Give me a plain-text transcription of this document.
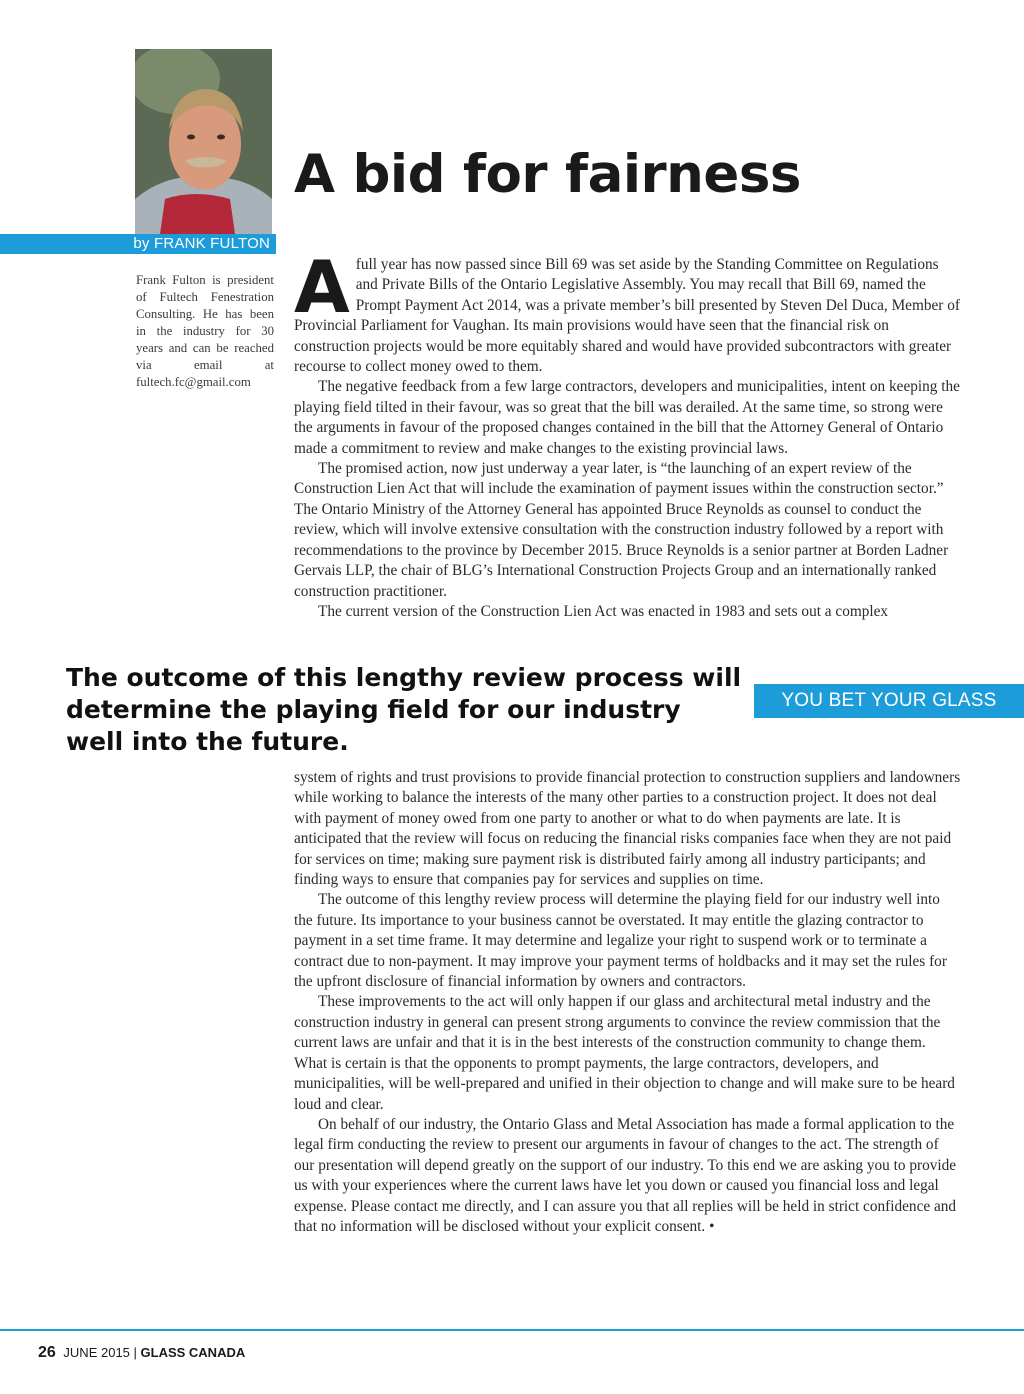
by FRANK FULTON
A bid for fairness

Frank Fulton is president of Fultech Fenestration Consulting. He has been in the industry for 30 years and can be reached via email at fultech.fc@gmail.com

Afull year has now passed since Bill 69 was set aside by the Standing Committee on Regulations and Private Bills of the Ontario Legislative Assembly. You may recall that Bill 69, named the Prompt Payment Act 2014, was a private member’s bill presented by Steven Del Duca, Member of Provincial Parliament for Vaughan. Its main provisions would have seen that the financial risk on construction projects would be more equitably shared and would have provided subcontractors with greater recourse to collect money owed to them.

The negative feedback from a few large contractors, developers and municipalities, intent on keeping the playing field tilted in their favour, was so great that the bill was derailed. At the same time, so strong were the arguments in favour of the proposed changes contained in the bill that the Attorney General of Ontario made a commitment to review and make changes to the existing provincial laws.

The promised action, now just underway a year later, is “the launching of an expert review of the Construction Lien Act that will include the examination of payment issues within the construction sector.” The Ontario Ministry of the Attorney General has appointed Bruce Reynolds as counsel to conduct the review, which will involve extensive consultation with the construction industry followed by a report with recommendations to the province by December 2015. Bruce Reynolds is a senior partner at Borden Ladner Gervais LLP, the chair of BLG’s International Construction Projects Group and an internationally ranked construction practitioner.

The current version of the Construction Lien Act was enacted in 1983 and sets out a complex

The outcome of this lengthy review process will determine the playing field for our industry well into the future.

YOU BET YOUR GLASS

system of rights and trust provisions to provide financial protection to construction suppliers and landowners while working to balance the interests of the many other parties to a construction project. It does not deal with payment of money owed from one party to another or what to do when payments are late. It is anticipated that the review will focus on reducing the financial risks companies face when they are not paid for services on time; making sure payment risk is distributed fairly among all industry participants; and finding ways to ensure that companies pay for services and supplies on time.

The outcome of this lengthy review process will determine the playing field for our industry well into the future. Its importance to your business cannot be overstated. It may entitle the glazing contractor to payment in a set time frame. It may determine and legalize your right to suspend work or to terminate a contract due to non-payment. It may improve your payment terms of holdbacks and it may set the rules for the upfront disclosure of financial information by owners and contractors.

These improvements to the act will only happen if our glass and architectural metal industry and the construction industry in general can present strong arguments to convince the review commission that the current laws are unfair and that it is in the best interests of the construction community to change them. What is certain is that the opponents to prompt payments, the large contractors, developers, and municipalities, will be well-prepared and unified in their objection to change and will make sure to be heard loud and clear.

On behalf of our industry, the Ontario Glass and Metal Association has made a formal application to the legal firm conducting the review to present our arguments in favour of changes to the act. The strength of our presentation will depend greatly on the support of our industry. To this end we are asking you to provide us with your experiences where the current laws have let you down or caused you financial loss and legal expense. Please contact me directly, and I can assure you that all replies will be held in strict confidence and that no information will be disclosed without your explicit consent. •

26 JUNE 2015 | GLASS CANADA
